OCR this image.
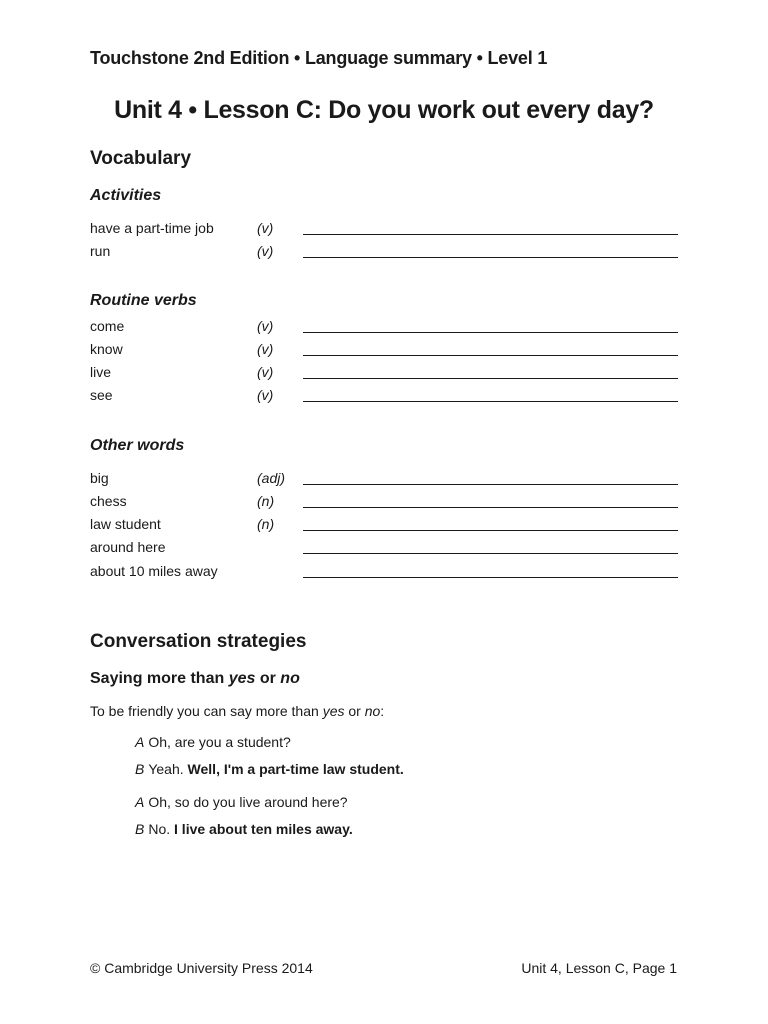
Touchstone 2nd Edition • Language summary • Level 1
Unit 4 • Lesson C: Do you work out every day?
Vocabulary
Activities
have a part-time job	(v)
run	(v)
Routine verbs
come	(v)
know	(v)
live	(v)
see	(v)
Other words
big	(adj)
chess	(n)
law student	(n)
around here
about 10 miles away
Conversation strategies
Saying more than yes or no
To be friendly you can say more than yes or no:
A Oh, are you a student?
B Yeah. Well, I'm a part-time law student.
A Oh, so do you live around here?
B No. I live about ten miles away.
© Cambridge University Press 2014	Unit 4, Lesson C, Page 1
